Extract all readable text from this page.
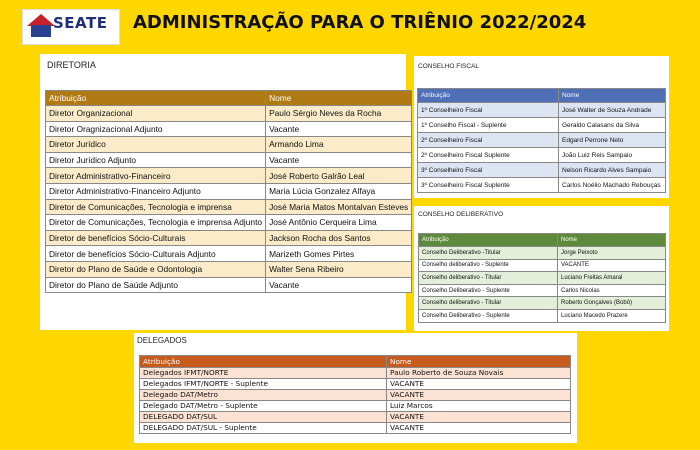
SEATE ADMINISTRAÇÃO PARA O TRIÊNIO 2022/2024
DIRETORIA
Atribuição	Nome
Diretor Organizacional	Paulo Sérgio Neves da Rocha
Diretor Oragnizacional Adjunto	Vacante
Diretor Jurídico	Armando Lima
Diretor Jurídico Adjunto	Vacante
Diretor Administrativo-Financeiro	José Roberto Galrão Leal
Diretor Administrativo-Financeiro Adjunto	Maria Lúcia Gonzalez Alfaya
Diretor de Comunicações, Tecnologia e imprensa	José Maria Matos Montalvan Esteves
Diretor de Comunicações, Tecnologia e imprensa Adjunto	José Antônio Cerqueira Lima
Diretor de benefícios Sócio-Culturais	Jackson Rocha dos Santos
Diretor de benefícios Sócio-Culturais Adjunto	Marizeth Gomes Pirtes
Diretor do Plano de Saúde e Odontologia	Walter Sena Ribeiro
Diretor do Plano de Saúde Adjunto	Vacante
CONSELHO FISCAL
Atribuição	Nome
1º Conselheiro Fiscal	José Walter de Souza Andrade
1º Conselho Fiscal - Suplente	Geraldo Calasans da Silva
2º Conselheiro Fiscal	Edgard Perrone Neto
2º Conselheiro Fiscal Suplente	João Luiz Reis Sampaio
3º Conselheiro Fiscal	Nelson Ricardo Alves Sampaio
3º Conselheiro Fiscal Suplente	Carlos Noélio Machado Rebouças
CONSELHO DELIBERATIVO
Atribuição	Nome
Conselho Deliberativo -Titular	Jorge Peixoto
Conselho deliberativo - Suplente	VACANTE
Conselho deliberativo - Titular	Luciano Freitas Amaral
Conselho Deliberativo - Suplente	Carlos Nicolas
Conselho deliberativo - Titular	Roberto Gonçalves (Bobô)
Conselho Deliberativo - Suplente	Luciano Macedo Prazere
DELEGADOS
Atribuição	Nome
Delegados IFMT/NORTE	Paulo Roberto de Souza Novais
Delegados IFMT/NORTE - Suplente	VACANTE
Delegado DAT/Metro	VACANTE
Delegado DAT/Metro - Suplente	Luiz Marcos
DELEGADO DAT/SUL	VACANTE
DELEGADO DAT/SUL - Suplente	VACANTE
